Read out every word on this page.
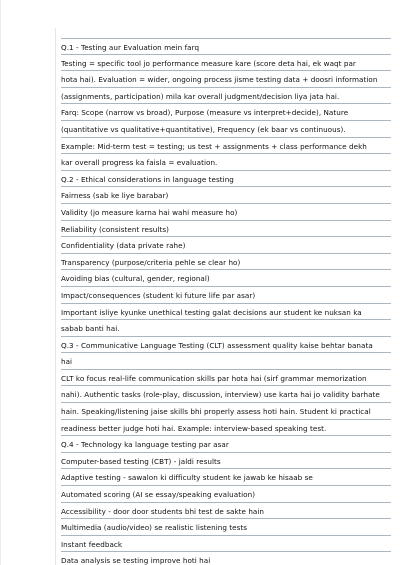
Q.1 - Testing aur Evaluation mein farq
Testing = specific tool jo performance measure kare (score deta hai, ek waqt par
hota hai). Evaluation = wider, ongoing process jisme testing data + doosri information
(assignments, participation) mila kar overall judgment/decision liya jata hai.
Farq: Scope (narrow vs broad), Purpose (measure vs interpret+decide), Nature
(quantitative vs qualitative+quantitative), Frequency (ek baar vs continuous).
Example: Mid-term test = testing; us test + assignments + class performance dekh
kar overall progress ka faisla = evaluation.
Q.2 - Ethical considerations in language testing
Fairness (sab ke liye barabar)
Validity (jo measure karna hai wahi measure ho)
Reliability (consistent results)
Confidentiality (data private rahe)
Transparency (purpose/criteria pehle se clear ho)
Avoiding bias (cultural, gender, regional)
Impact/consequences (student ki future life par asar)
Important isliye kyunke unethical testing galat decisions aur student ke nuksan ka
sabab banti hai.
Q.3 - Communicative Language Testing (CLT) assessment quality kaise behtar banata
hai
CLT ko focus real-life communication skills par hota hai (sirf grammar memorization
nahi). Authentic tasks (role-play, discussion, interview) use karta hai jo validity barhate
hain. Speaking/listening jaise skills bhi properly assess hoti hain. Student ki practical
readiness better judge hoti hai. Example: interview-based speaking test.
Q.4 - Technology ka language testing par asar
Computer-based testing (CBT) - jaldi results
Adaptive testing - sawalon ki difficulty student ke jawab ke hisaab se
Automated scoring (AI se essay/speaking evaluation)
Accessibility - door door students bhi test de sakte hain
Multimedia (audio/video) se realistic listening tests
Instant feedback
Data analysis se testing improve hoti hai
